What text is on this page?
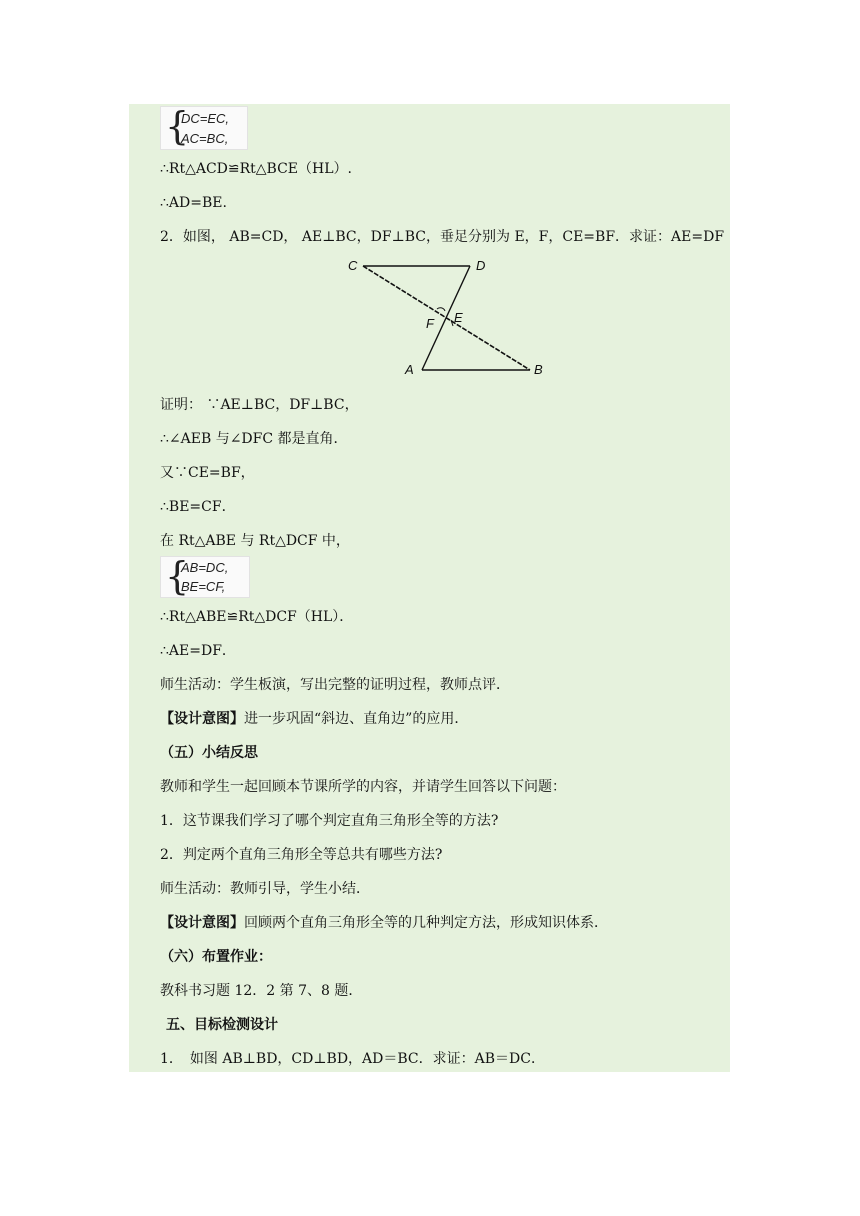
{
DC=EC,
AC=BC,
∴Rt△ACD≌Rt△BCE（HL）.
∴AD=BE.
2．如图， AB=CD， AE⊥BC，DF⊥BC，垂足分别为 E，F，CE=BF．求证：AE=DF
C	D
F E
A	B
证明： ∵AE⊥BC，DF⊥BC，
∴∠AEB 与∠DFC 都是直角．
又∵CE=BF，
∴BE=CF．
在 Rt△ABE 与 Rt△DCF 中，
{
AB=DC,
BE=CF,
∴Rt△ABE≌Rt△DCF（HL）．
∴AE=DF．
师生活动：学生板演，写出完整的证明过程，教师点评．
【设计意图】进一步巩固“斜边、直角边”的应用．
（五）小结反思
教师和学生一起回顾本节课所学的内容，并请学生回答以下问题：
1．这节课我们学习了哪个判定直角三角形全等的方法?
2．判定两个直角三角形全等总共有哪些方法?
师生活动：教师引导，学生小结．
【设计意图】回顾两个直角三角形全等的几种判定方法，形成知识体系．
（六）布置作业：
教科书习题 12．2 第 7、8 题．
五、目标检测设计
1．　如图 AB⊥BD，CD⊥BD，AD＝BC．求证：AB＝DC．
